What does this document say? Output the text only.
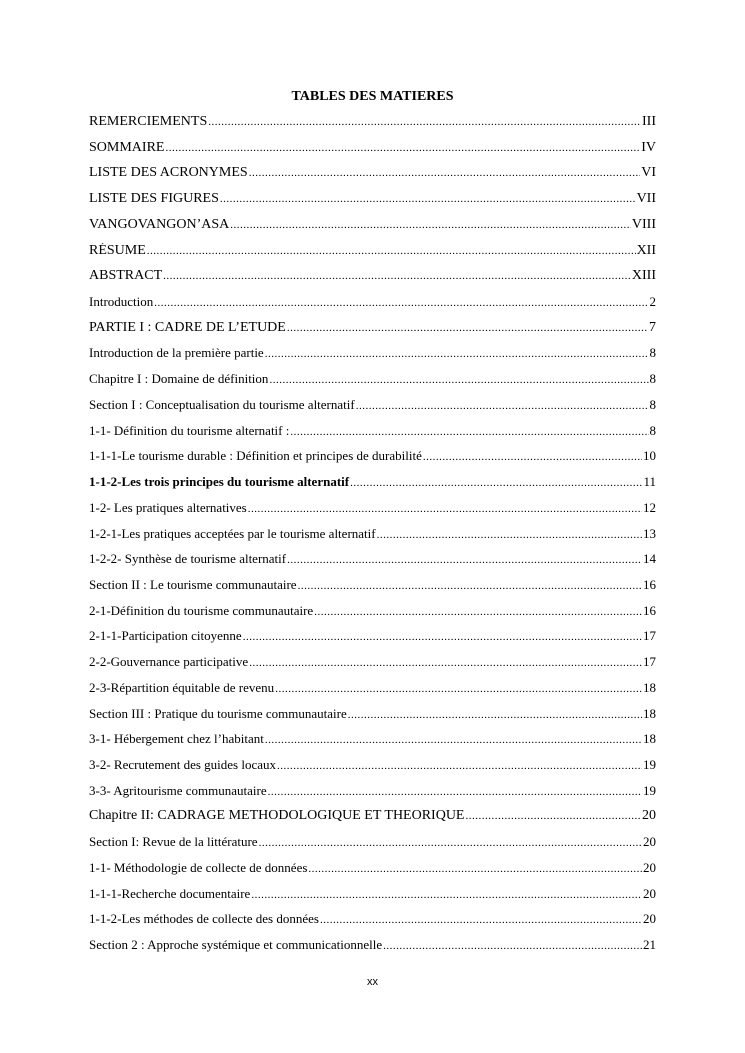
TABLES DES MATIERES
REMERCIEMENTS .....	III
SOMMAIRE .....	IV
LISTE DES ACRONYMES .....	VI
LISTE DES FIGURES .....	VII
VANGOVANGON’ASA .....	VIII
RÉSUME .....	XII
ABSTRACT .....	XIII
Introduction .....	2
PARTIE I : CADRE DE L’ETUDE .....	7
Introduction de la première partie .....	8
Chapitre I : Domaine de définition .....	8
Section I : Conceptualisation du tourisme alternatif .....	8
1-1- Définition du tourisme alternatif : .....	8
1-1-1-Le tourisme durable : Définition et principes de durabilité .....	10
1-1-2-Les trois principes du tourisme alternatif .....	11
1-2- Les pratiques alternatives .....	12
1-2-1-Les pratiques acceptées par le tourisme alternatif .....	13
1-2-2- Synthèse de tourisme alternatif .....	14
Section II : Le tourisme communautaire .....	16
2-1-Définition du tourisme communautaire .....	16
2-1-1-Participation citoyenne .....	17
2-2-Gouvernance participative .....	17
2-3-Répartition équitable de revenu .....	18
Section III : Pratique du tourisme communautaire .....	18
3-1- Hébergement chez l’habitant .....	18
3-2- Recrutement des guides locaux .....	19
3-3- Agritourisme communautaire .....	19
Chapitre II: CADRAGE METHODOLOGIQUE ET THEORIQUE .....	20
Section I: Revue de la littérature .....	20
1-1- Méthodologie de collecte de données .....	20
1-1-1-Recherche documentaire .....	20
1-1-2-Les méthodes de collecte des données .....	20
Section 2 : Approche systémique et communicationnelle .....	21
xx
